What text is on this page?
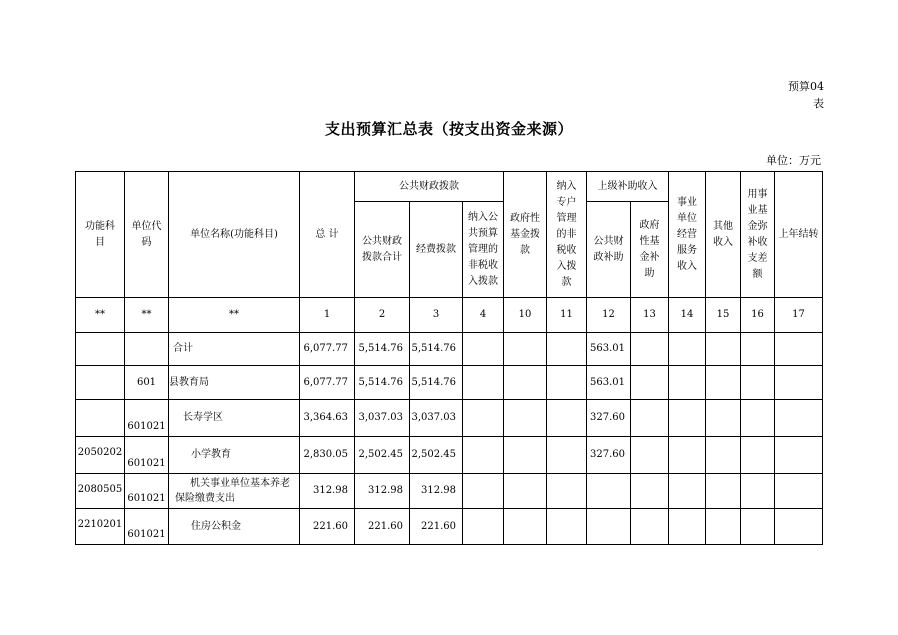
预算04
表
支出预算汇总表（按支出资金来源）
单位：万元
功能科目	单位代码	单位名称(功能科目)	总 计	公共财政拨款			政府性基金拨款	纳入专户管理的非税收入拨款	上级补助收入		事业单位经营服务收入	其他收入	用事业基金弥补收支差额	上年结转
				公共财政拨款合计	经费拨款	纳入公共预算管理的非税收入拨款			公共财政补助	政府性基金补助				

**	**	**	1	2	3	4	10	11	12	13	14	15	16	17
		合计	6,077.77	5,514.76	5,514.76				563.01					
	601	县教育局	6,077.77	5,514.76	5,514.76				563.01					
	601021	长寿学区	3,364.63	3,037.03	3,037.03				327.60					
2050202	601021	小学教育	2,830.05	2,502.45	2,502.45				327.60					
2080505	601021	机关事业单位基本养老保险缴费支出	312.98	312.98	312.98									
2210201	601021	住房公积金	221.60	221.60	221.60									
